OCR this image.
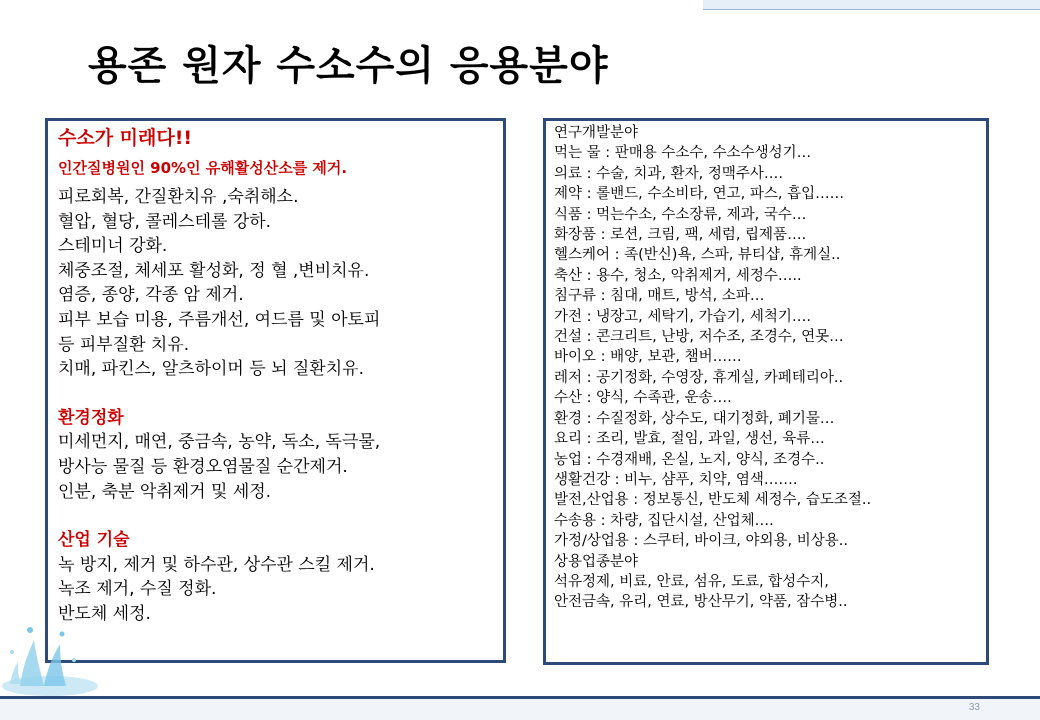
용존 원자 수소수의 응용분야
수소가 미래다!!
인간질병원인 90%인 유해활성산소를 제거.
피로회복, 간질환치유 ,숙취해소.
혈압, 혈당, 콜레스테롤 강하.
스테미너 강화.
체중조절, 체세포 활성화, 정 혈 ,변비치유.
염증, 종양, 각종 암 제거.
피부 보습 미용, 주름개선, 여드름 및 아토피
등 피부질환 치유.
치매, 파킨스, 알츠하이머 등 뇌 질환치유.
환경정화
미세먼지, 매연, 중금속, 농약, 독소, 독극물,
방사능 물질 등 환경오염물질 순간제거.
인분, 축분 악취제거 및 세정.
산업 기술
녹 방지, 제거 및 하수관, 상수관 스킬 제거.
녹조 제거, 수질 정화.
반도체 세정.
연구개발분야
먹는 물 : 판매용 수소수, 수소수생성기…
의료 : 수술, 치과, 환자, 정맥주사….
제약 : 롤밴드, 수소비타, 연고, 파스, 흡입……
식품 : 먹는수소, 수소장류, 제과, 국수…
화장품 : 로션, 크림, 팩, 세럼, 립제품….
헬스케어 : 족(반신)욕, 스파, 뷰티샵, 휴게실..
축산 : 용수, 청소, 악취제거, 세정수…..
침구류 : 침대, 매트, 방석, 소파…
가전 : 냉장고, 세탁기, 가습기, 세척기….
건설 : 콘크리트, 난방, 저수조, 조경수, 연못…
바이오 : 배양, 보관, 챔버……
레저 : 공기정화, 수영장, 휴게실, 카페테리아..
수산 : 양식, 수족관, 운송….
환경 : 수질정화, 상수도, 대기정화, 폐기물…
요리 : 조리, 발효, 절임, 과일, 생선, 육류…
농업 : 수경재배, 온실, 노지, 양식, 조경수..
생활건강 : 비누, 샴푸, 치약, 염색…….
발전,산업용 : 정보통신, 반도체 세정수, 습도조절..
수송용 : 차량, 집단시설, 산업체….
가정/상업용 : 스쿠터, 바이크, 야외용, 비상용..
상용업종분야
석유정제, 비료, 안료, 섬유, 도료, 합성수지,
안전금속, 유리, 연료, 방산무기, 약품, 잠수병..
33
